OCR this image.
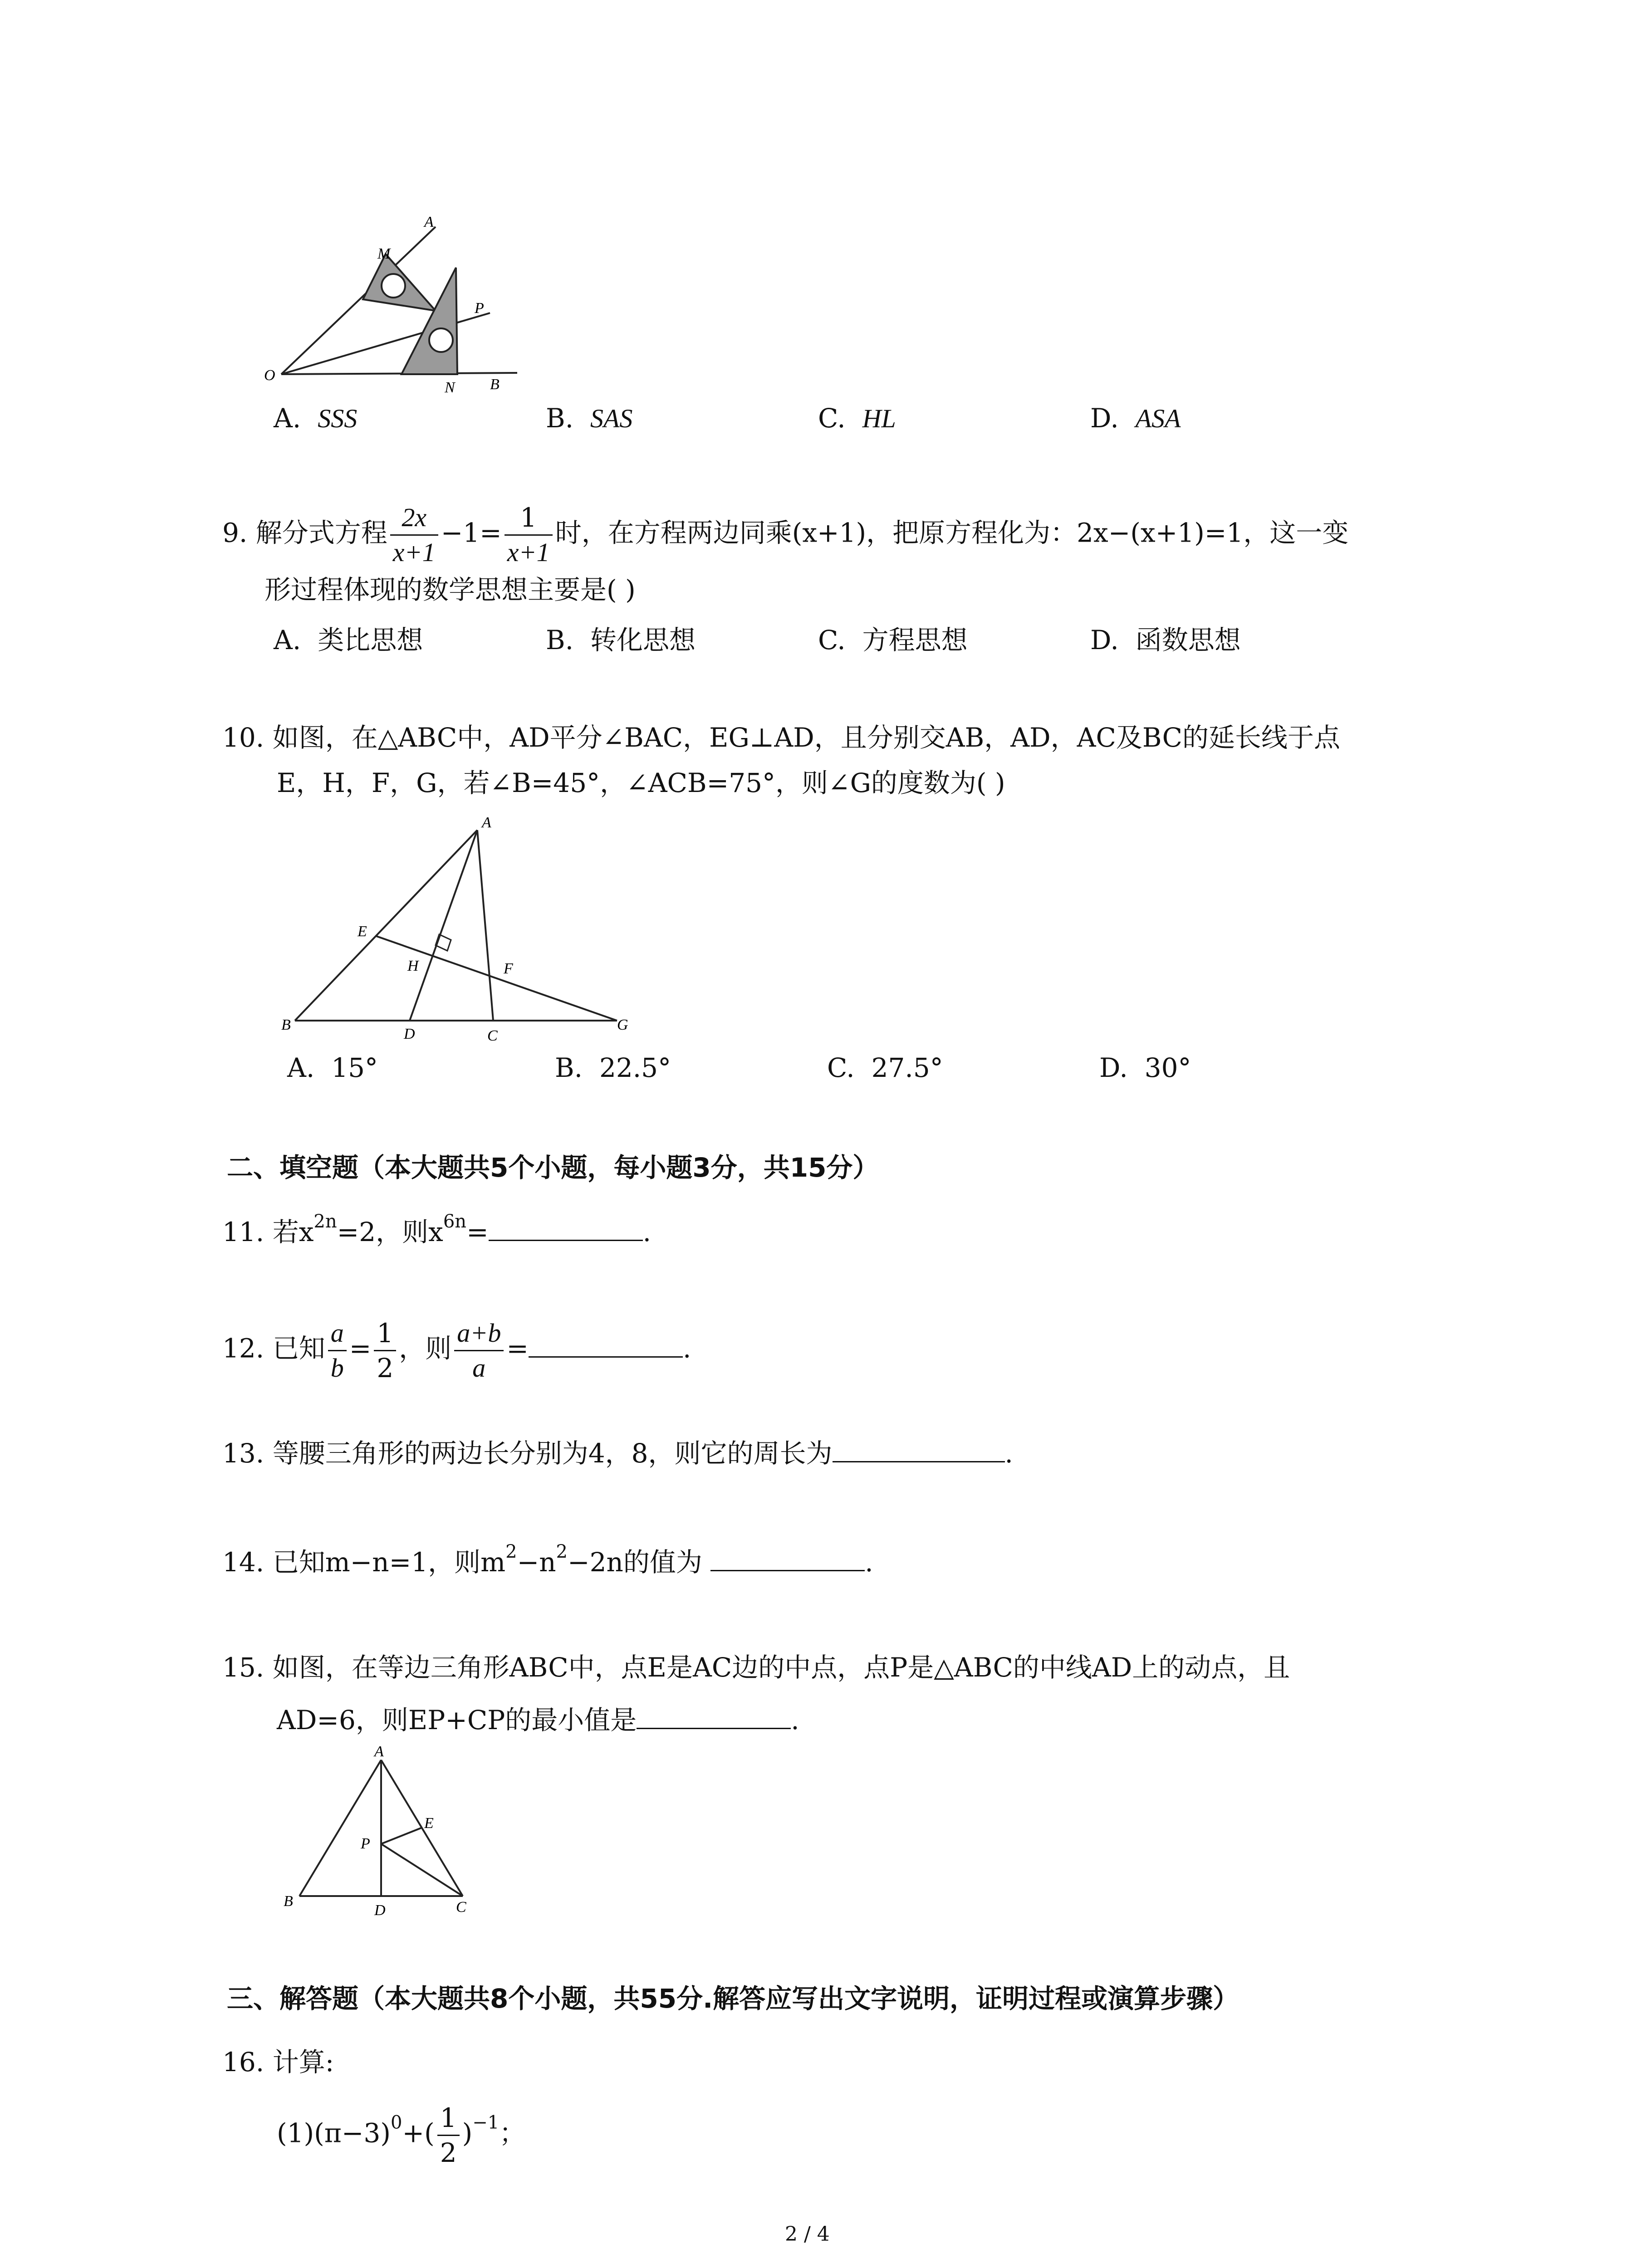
A
M
P
O
N B
A. SSS	B. SAS	C. HL	D. ASA
9. 解分式方程 $\frac{2x}{x+1} -1= \frac{1}{x+1}$ 时，在方程两边同乘(x+1)，把原方程化为：2x−(x+1)=1，这一变
形过程体现的数学思想主要是( )
A. 类比思想	B. 转化思想	C. 方程思想	D. 函数思想
10. 如图，在△ABC中，AD平分∠BAC，EG⊥AD，且分别交AB，AD，AC及BC的延长线于点
E，H，F，G，若∠B=45°，∠ACB=75°，则∠G的度数为( )
A
E
H	F
B
D	C
G
A. 15°	B. 22.5°	C. 27.5°	D. 30°
二、填空题（本大题共5个小题，每小题3分，共15分）
11. 若$x^{2n}=2$，则$x^{6n}=$	.
12. 已知 $\frac{a}{b} = \frac{1}{2}$ ，则 $\frac{a+b}{a}$ =	.
13. 等腰三角形的两边长分别为4，8，则它的周长为	.
14. 已知m−n=1，则$m^2-n^2-2n$的值为	.
15. 如图，在等边三角形ABC中，点E是AC边的中点，点P是△ABC的中线AD上的动点，且
AD=6，则EP+CP的最小值是	.
A
E
P
B
D	C
三、解答题（本大题共8个小题，共55分.解答应写出文字说明，证明过程或演算步骤）
16. 计算:
$(1)(\pi-3)^0+( \frac{1}{2} )^{-1}$；
2 / 4
